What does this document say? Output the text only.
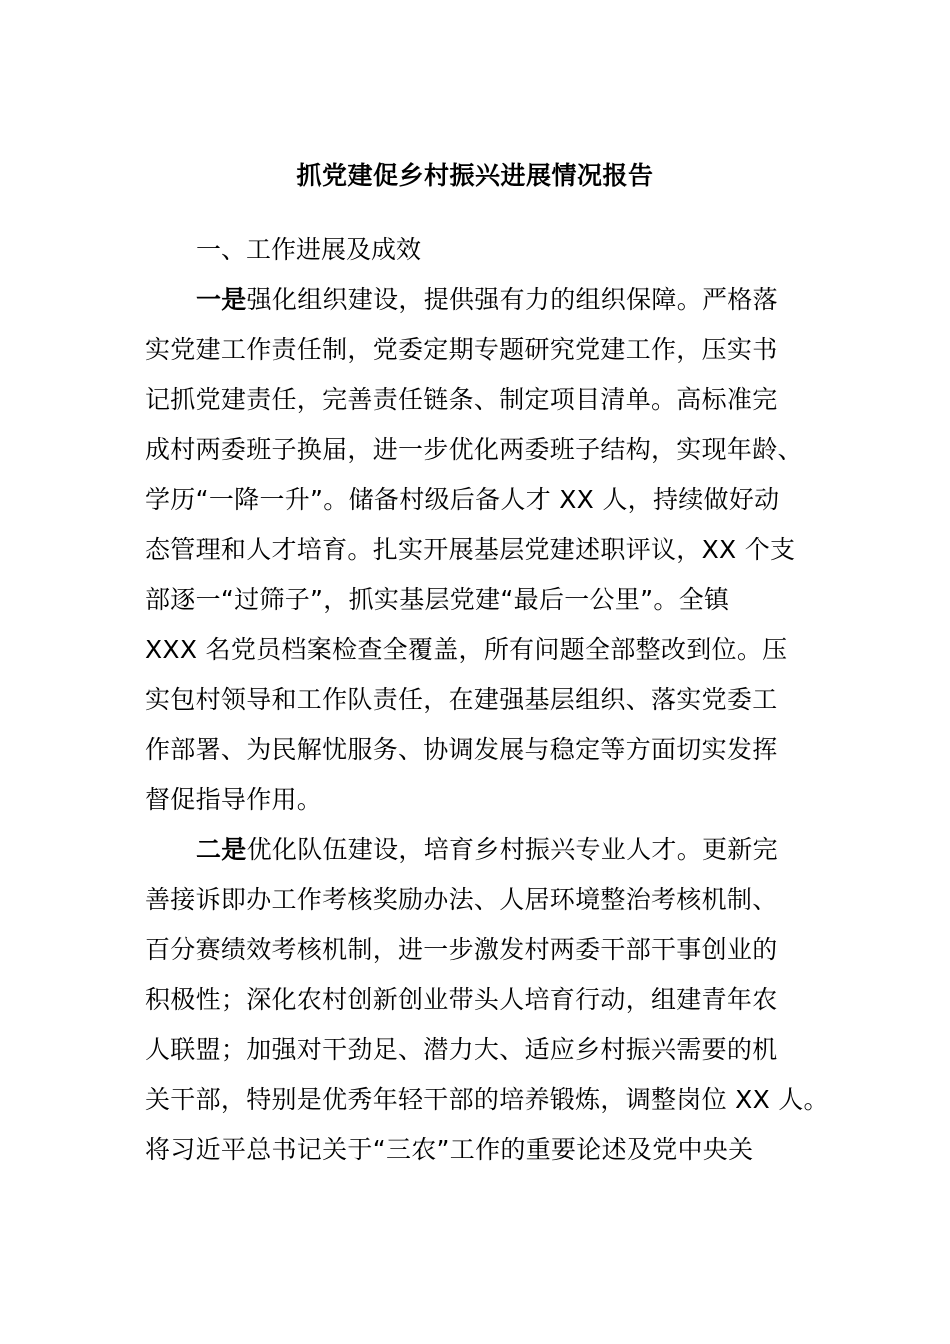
抓党建促乡村振兴进展情况报告
一、工作进展及成效
一是强化组织建设，提供强有力的组织保障。严格落
实党建工作责任制，党委定期专题研究党建工作，压实书
记抓党建责任，完善责任链条、制定项目清单。高标准完
成村两委班子换届，进一步优化两委班子结构，实现年龄、
学历“一降一升”。储备村级后备人才 XX 人，持续做好动
态管理和人才培育。扎实开展基层党建述职评议，XX 个支
部逐一“过筛子”，抓实基层党建“最后一公里”。全镇
XXX 名党员档案检查全覆盖，所有问题全部整改到位。压
实包村领导和工作队责任，在建强基层组织、落实党委工
作部署、为民解忧服务、协调发展与稳定等方面切实发挥
督促指导作用。
二是优化队伍建设，培育乡村振兴专业人才。更新完
善接诉即办工作考核奖励办法、人居环境整治考核机制、
百分赛绩效考核机制，进一步激发村两委干部干事创业的
积极性；深化农村创新创业带头人培育行动，组建青年农
人联盟；加强对干劲足、潜力大、适应乡村振兴需要的机
关干部，特别是优秀年轻干部的培养锻炼，调整岗位 XX 人。
将习近平总书记关于“三农”工作的重要论述及党中央关
